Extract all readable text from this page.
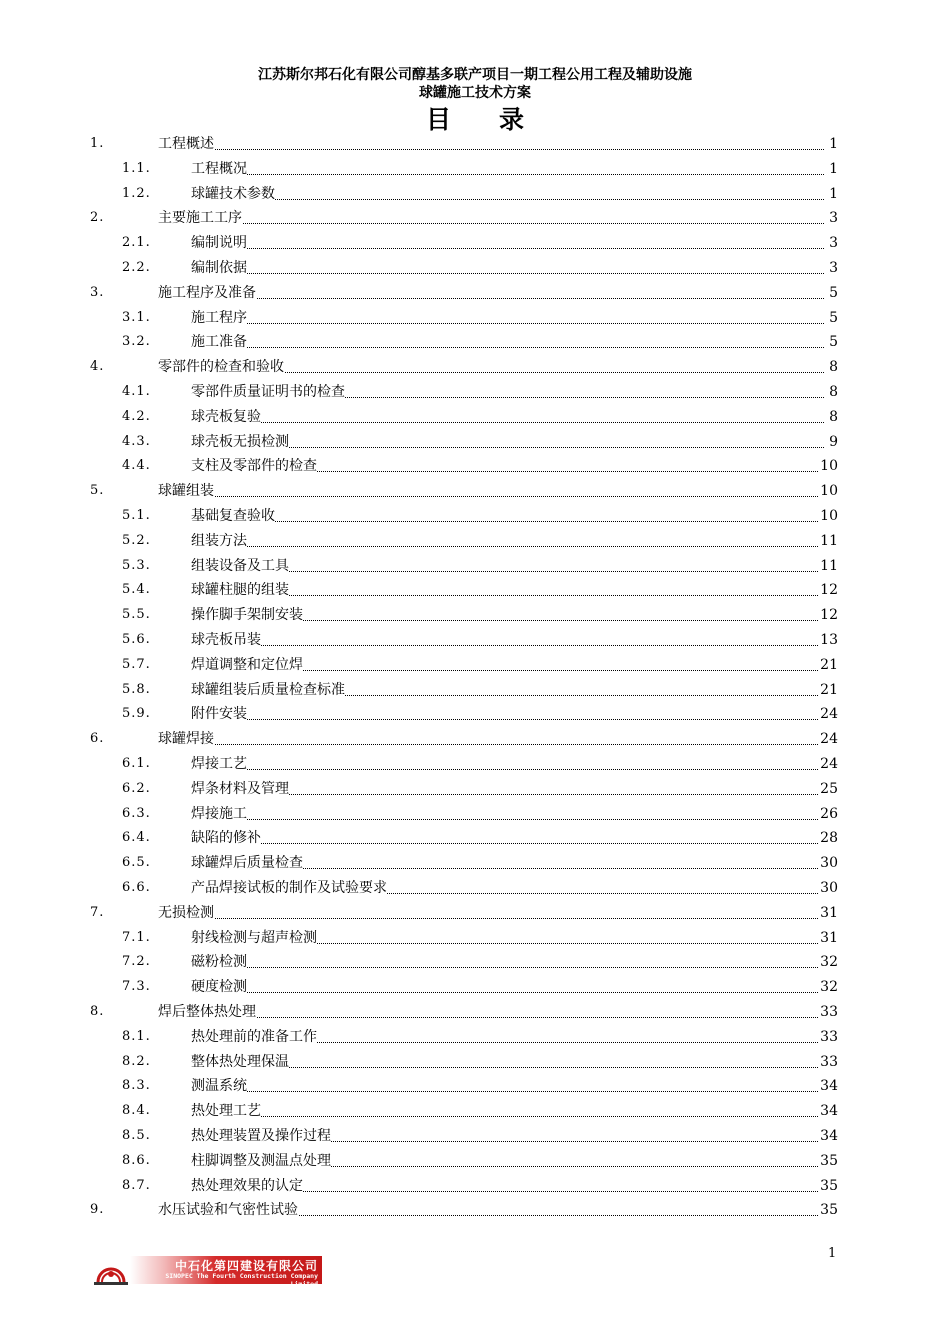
江苏斯尔邦石化有限公司醇基多联产项目一期工程公用工程及辅助设施
球罐施工技术方案
目录
1.	工程概述	1
1.1.	工程概况	1
1.2.	球罐技术参数	1
2.	主要施工工序	3
2.1.	编制说明	3
2.2.	编制依据	3
3.	施工程序及准备	5
3.1.	施工程序	5
3.2.	施工准备	5
4.	零部件的检查和验收	8
4.1.	零部件质量证明书的检查	8
4.2.	球壳板复验	8
4.3.	球壳板无损检测	9
4.4.	支柱及零部件的检查	10
5.	球罐组装	10
5.1.	基础复查验收	10
5.2.	组装方法	11
5.3.	组装设备及工具	11
5.4.	球罐柱腿的组装	12
5.5.	操作脚手架制安装	12
5.6.	球壳板吊装	13
5.7.	焊道调整和定位焊	21
5.8.	球罐组装后质量检查标准	21
5.9.	附件安装	24
6.	球罐焊接	24
6.1.	焊接工艺	24
6.2.	焊条材料及管理	25
6.3.	焊接施工	26
6.4.	缺陷的修补	28
6.5.	球罐焊后质量检查	30
6.6.	产品焊接试板的制作及试验要求	30
7.	无损检测	31
7.1.	射线检测与超声检测	31
7.2.	磁粉检测	32
7.3.	硬度检测	32
8.	焊后整体热处理	33
8.1.	热处理前的准备工作	33
8.2.	整体热处理保温	33
8.3.	测温系统	34
8.4.	热处理工艺	34
8.5.	热处理装置及操作过程	34
8.6.	柱脚调整及测温点处理	35
8.7.	热处理效果的认定	35
9.	水压试验和气密性试验	35
1
中石化第四建设有限公司
SINOPEC The Fourth Construction Company Limited
